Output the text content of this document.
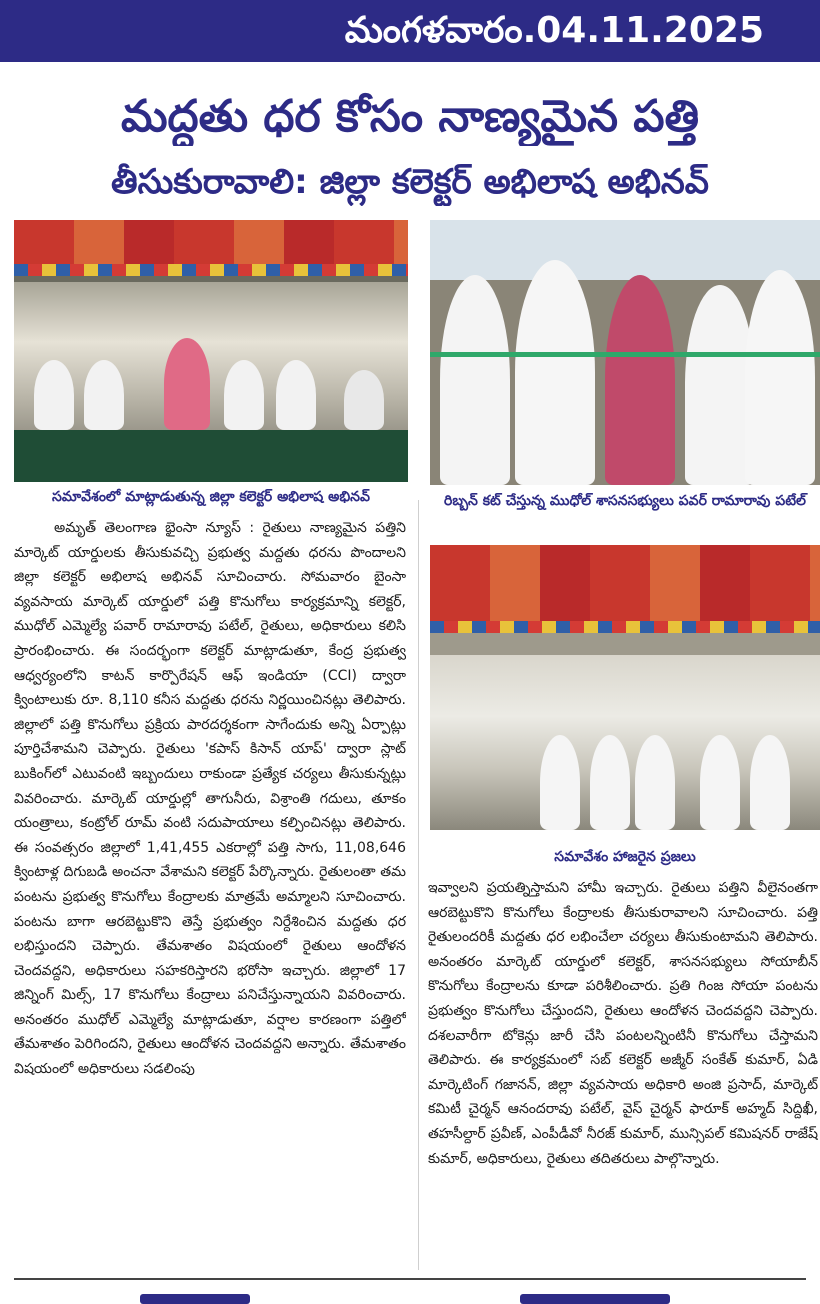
మంగళవారం.04.11.2025
మద్దతు ధర కోసం నాణ్యమైన పత్తి
తీసుకురావాలి: జిల్లా కలెక్టర్ అభిలాష అభినవ్
సమావేశంలో మాట్లాడుతున్న జిల్లా కలెక్టర్ అభిలాష అభినవ్	రిబ్బన్ కట్ చేస్తున్న ముధోల్ శాసనసభ్యులు పవర్ రామారావు పటేల్
సమావేశం హాజరైన ప్రజలు

అమృత్ తెలంగాణ భైంసా న్యూస్ : రైతులు నాణ్యమైన పత్తిని మార్కెట్ యార్డులకు తీసుకువచ్చి ప్రభుత్వ మద్దతు ధరను పొందాలని జిల్లా కలెక్టర్ అభిలాష అభినవ్ సూచించారు. సోమవారం బైంసా వ్యవసాయ మార్కెట్ యార్డులో పత్తి కొనుగోలు కార్యక్రమాన్ని కలెక్టర్, ముధోల్ ఎమ్మెల్యే పవార్ రామారావు పటేల్, రైతులు, అధికారులు కలిసి ప్రారంభించారు. ఈ సందర్భంగా కలెక్టర్ మాట్లాడుతూ, కేంద్ర ప్రభుత్వ ఆధ్వర్యంలోని కాటన్ కార్పొరేషన్ ఆఫ్ ఇండియా (CCI) ద్వారా క్వింటాలుకు రూ. 8,110 కనీస మద్దతు ధరను నిర్ణయించినట్లు తెలిపారు. జిల్లాలో పత్తి కొనుగోలు ప్రక్రియ పారదర్శకంగా సాగేందుకు అన్ని ఏర్పాట్లు పూర్తిచేశామని చెప్పారు. రైతులు 'కపాస్ కిసాన్ యాప్' ద్వారా స్లాట్ బుకింగ్‌లో ఎటువంటి ఇబ్బందులు రాకుండా ప్రత్యేక చర్యలు తీసుకున్నట్లు వివరించారు. మార్కెట్ యార్డుల్లో తాగునీరు, విశ్రాంతి గదులు, తూకం యంత్రాలు, కంట్రోల్ రూమ్ వంటి సదుపాయాలు కల్పించినట్లు తెలిపారు. ఈ సంవత్సరం జిల్లాలో 1,41,455 ఎకరాల్లో పత్తి సాగు, 11,08,646 క్వింటాళ్ల దిగుబడి అంచనా వేశామని కలెక్టర్ పేర్కొన్నారు. రైతులంతా తమ పంటను ప్రభుత్వ కొనుగోలు కేంద్రాలకు మాత్రమే అమ్మాలని సూచించారు. పంటను బాగా ఆరబెట్టుకొని తెస్తే ప్రభుత్వం నిర్దేశించిన మద్దతు ధర లభిస్తుందని చెప్పారు. తేమశాతం విషయంలో రైతులు ఆందోళన చెందవద్దని, అధికారులు సహకరిస్తారని భరోసా ఇచ్చారు. జిల్లాలో 17 జిన్నింగ్ మిల్స్, 17 కొనుగోలు కేంద్రాలు పనిచేస్తున్నాయని వివరించారు. అనంతరం ముధోల్ ఎమ్మెల్యే మాట్లాడుతూ, వర్షాల కారణంగా పత్తిలో తేమశాతం పెరిగిందని, రైతులు ఆందోళన చెందవద్దని అన్నారు. తేమశాతం విషయంలో అధికారులు సడలింపు

ఇవ్వాలని ప్రయత్నిస్తామని హామీ ఇచ్చారు. రైతులు పత్తిని వీలైనంతగా ఆరబెట్టుకొని కొనుగోలు కేంద్రాలకు తీసుకురావాలని సూచించారు. పత్తి రైతులందరికీ మద్దతు ధర లభించేలా చర్యలు తీసుకుంటామని తెలిపారు. అనంతరం మార్కెట్ యార్డులో కలెక్టర్, శాసనసభ్యులు సోయాబీన్ కొనుగోలు కేంద్రాలను కూడా పరిశీలించారు. ప్రతి గింజ సోయా పంటను ప్రభుత్వం కొనుగోలు చేస్తుందని, రైతులు ఆందోళన చెందవద్దని చెప్పారు. దశలవారీగా టోకెన్లు జారీ చేసి పంటలన్నింటినీ కొనుగోలు చేస్తామని తెలిపారు. ఈ కార్యక్రమంలో సబ్ కలెక్టర్ అజ్మీర్ సంకేత్ కుమార్, ఏడి మార్కెటింగ్ గజానన్, జిల్లా వ్యవసాయ అధికారి అంజి ప్రసాద్, మార్కెట్ కమిటీ చైర్మన్ ఆనందరావు పటేల్, వైస్ చైర్మన్ ఫారూక్ అహ్మద్ సిద్దిఖీ, తహసీల్దార్ ప్రవీణ్, ఎంపీడీవో నీరజ్ కుమార్, మున్సిపల్ కమిషనర్ రాజేష్ కుమార్, అధికారులు, రైతులు తదితరులు పాల్గొన్నారు.
